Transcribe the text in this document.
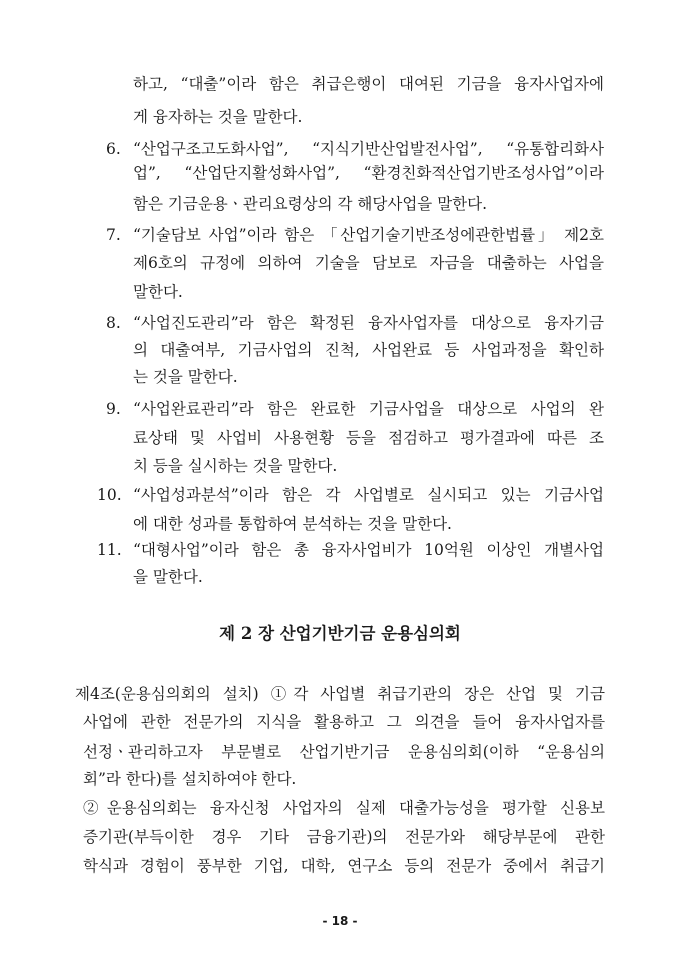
하고, “대출”이라 함은 취급은행이 대여된 기금을 융자사업자에
게 융자하는 것을 말한다.
6. “산업구조고도화사업”, “지식기반산업발전사업”, “유통합리화사
업”, “산업단지활성화사업”, “환경친화적산업기반조성사업”이라
함은 기금운용ㆍ관리요령상의 각 해당사업을 말한다.
7. “기술담보 사업”이라 함은 「산업기술기반조성에관한법률」 제2호
제6호의 규정에 의하여 기술을 담보로 자금을 대출하는 사업을
말한다.
8. “사업진도관리”라 함은 확정된 융자사업자를 대상으로 융자기금
의 대출여부, 기금사업의 진척, 사업완료 등 사업과정을 확인하
는 것을 말한다.
9. “사업완료관리”라 함은 완료한 기금사업을 대상으로 사업의 완
료상태 및 사업비 사용현황 등을 점검하고 평가결과에 따른 조
치 등을 실시하는 것을 말한다.
10. “사업성과분석”이라 함은 각 사업별로 실시되고 있는 기금사업
에 대한 성과를 통합하여 분석하는 것을 말한다.
11. “대형사업”이라 함은 총 융자사업비가 10억원 이상인 개별사업
을 말한다.
제 2 장 산업기반기금 운용심의회
제4조(운용심의회의 설치) ①각 사업별 취급기관의 장은 산업 및 기금
사업에 관한 전문가의 지식을 활용하고 그 의견을 들어 융자사업자를
선정ㆍ관리하고자 부문별로 산업기반기금 운용심의회(이하 “운용심의
회”라 한다)를 설치하여야 한다.
②운용심의회는 융자신청 사업자의 실제 대출가능성을 평가할 신용보
증기관(부득이한 경우 기타 금융기관)의 전문가와 해당부문에 관한
학식과 경험이 풍부한 기업, 대학, 연구소 등의 전문가 중에서 취급기
- 18 -
